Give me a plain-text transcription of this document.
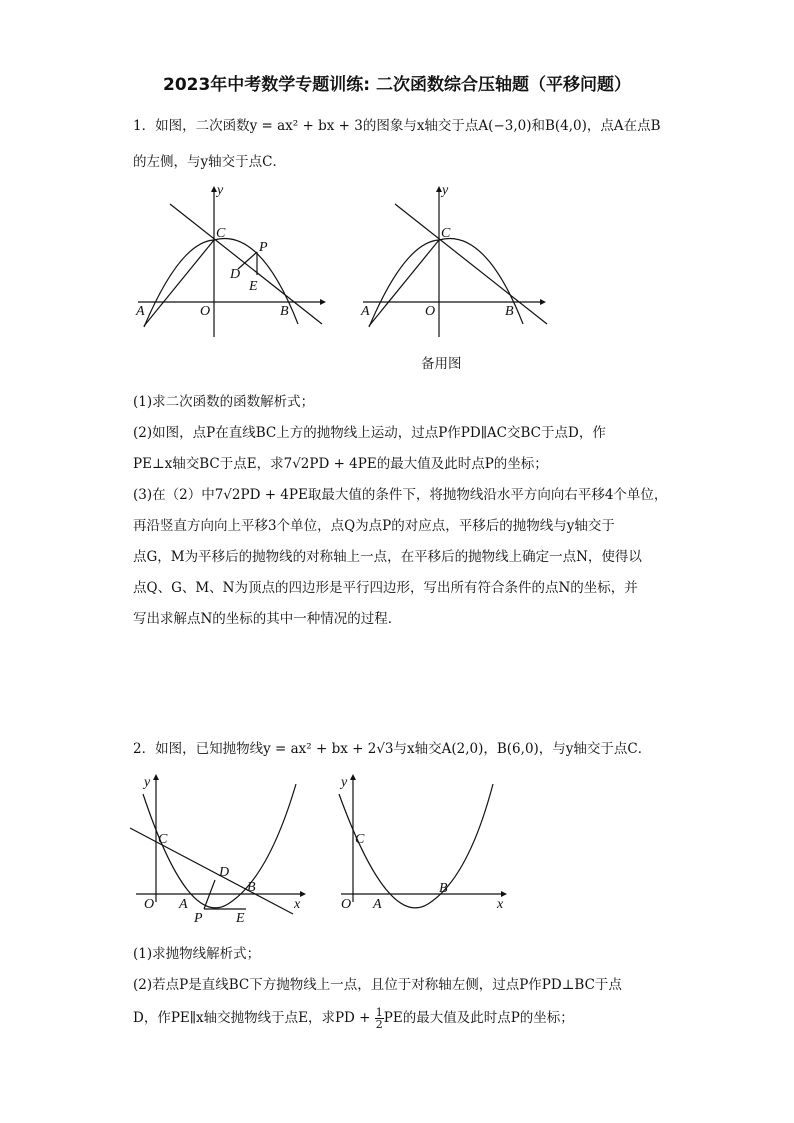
2023年中考数学专题训练: 二次函数综合压轴题（平移问题）
1．如图，二次函数y = ax² + bx + 3的图象与x轴交于点A(−3,0)和B(4,0)，点A在点B
的左侧，与y轴交于点C．
y
C
P
D
E
A	O	B
y
C
A	O	B
备用图
(1)求二次函数的函数解析式；
(2)如图，点P在直线BC上方的抛物线上运动，过点P作PD∥AC交BC于点D，作
PE⊥x轴交BC于点E，求7√2PD + 4PE的最大值及此时点P的坐标；
(3)在（2）中7√2PD + 4PE取最大值的条件下，将抛物线沿水平方向向右平移4个单位，
再沿竖直方向向上平移3个单位，点Q为点P的对应点，平移后的抛物线与y轴交于
点G，M为平移后的抛物线的对称轴上一点，在平移后的抛物线上确定一点N，使得以
点Q、G、M、N为顶点的四边形是平行四边形，写出所有符合条件的点N的坐标，并
写出求解点N的坐标的其中一种情况的过程．
2．如图，已知抛物线y = ax² + bx + 2√3与x轴交A(2,0)，B(6,0)，与y轴交于点C．
y
x
C
D
B
O A
P E
y
x
C
O A
B
(1)求抛物线解析式；
(2)若点P是直线BC下方抛物线上一点，且位于对称轴左侧，过点P作PD⊥BC于点
D，作PE∥x轴交抛物线于点E，求PD + $\frac{1}{2}$ PE的最大值及此时点P的坐标；
